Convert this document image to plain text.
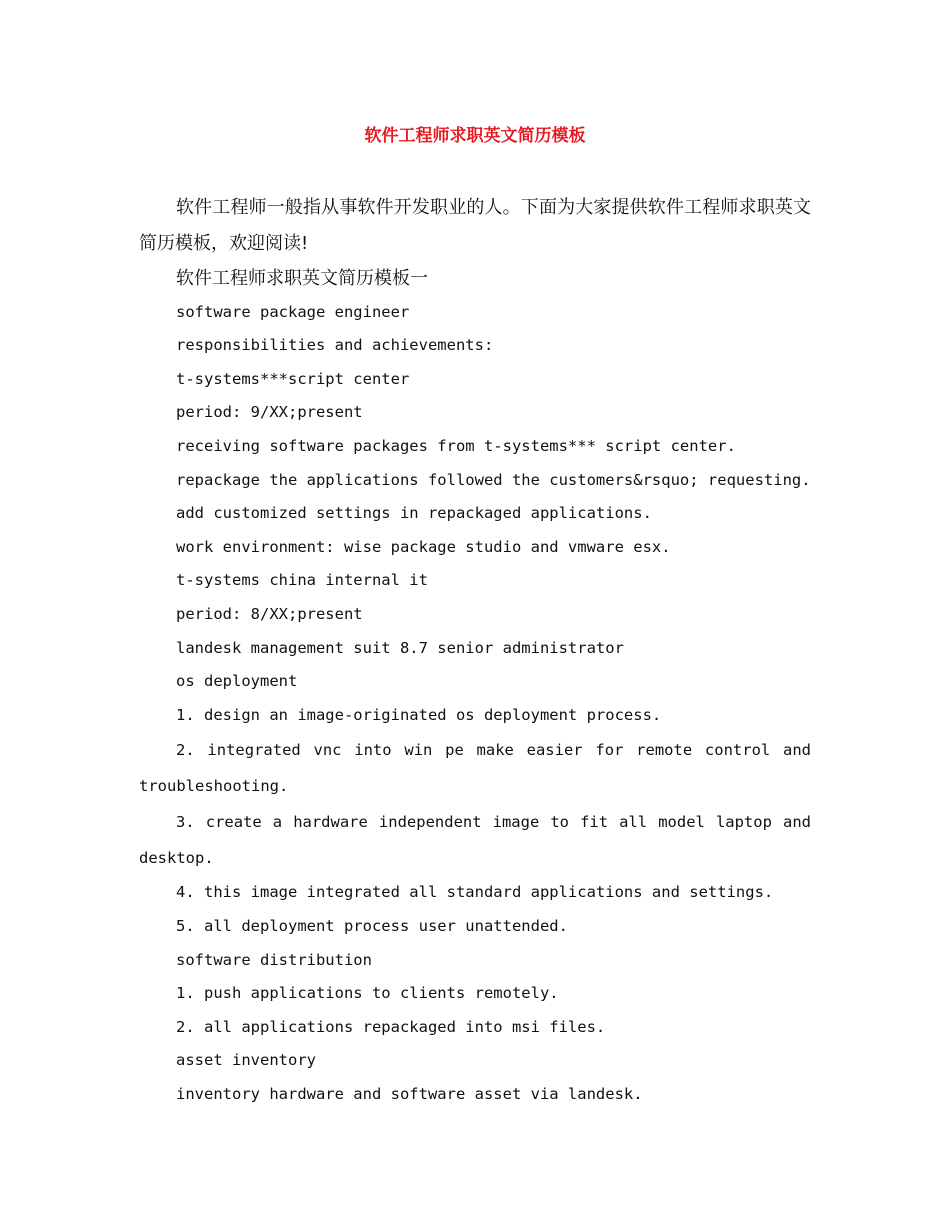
软件工程师求职英文简历模板

软件工程师一般指从事软件开发职业的人。下面为大家提供软件工程师求职英文简历模板，欢迎阅读!

软件工程师求职英文简历模板一

software package engineer

responsibilities and achievements:

t-systems***script center

period: 9/XX;present

receiving software packages from t-systems*** script center.

repackage the applications followed the customers&rsquo; requesting.

add customized settings in repackaged applications.

work environment: wise package studio and vmware esx.

t-systems china internal it

period: 8/XX;present

landesk management suit 8.7 senior administrator

os deployment

1. design an image-originated os deployment process.

2. integrated vnc into win pe make easier for remote control and troubleshooting.

3. create a hardware independent image to fit all model laptop and desktop.

4. this image integrated all standard applications and settings.

5. all deployment process user unattended.

software distribution

1. push applications to clients remotely.

2. all applications repackaged into msi files.

asset inventory

inventory hardware and software asset via landesk.
